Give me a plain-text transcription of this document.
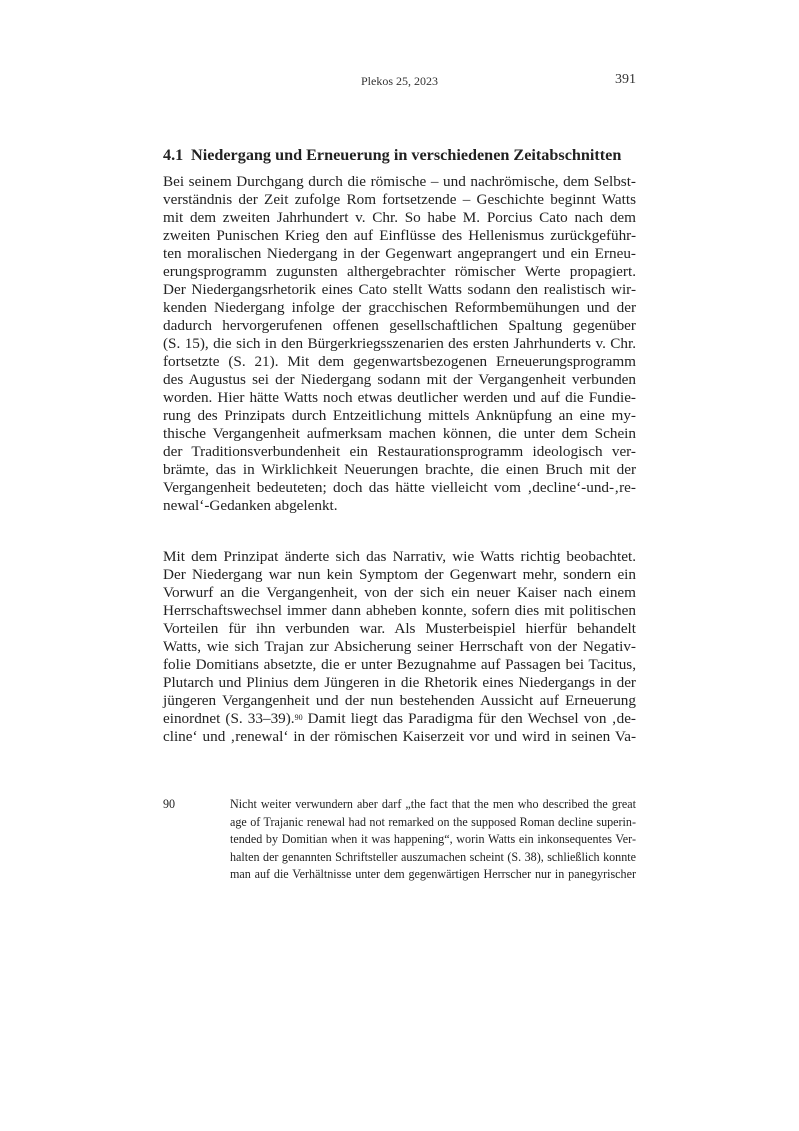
Plekos 25, 2023	391
4.1 Niedergang und Erneuerung in verschiedenen Zeitabschnitten
Bei seinem Durchgang durch die römische – und nachrömische, dem Selbst-
verständnis der Zeit zufolge Rom fortsetzende – Geschichte beginnt Watts
mit dem zweiten Jahrhundert v. Chr. So habe M. Porcius Cato nach dem
zweiten Punischen Krieg den auf Einflüsse des Hellenismus zurückgeführ-
ten moralischen Niedergang in der Gegenwart angeprangert und ein Erneu-
erungsprogramm zugunsten althergebrachter römischer Werte propagiert.
Der Niedergangsrhetorik eines Cato stellt Watts sodann den realistisch wir-
kenden Niedergang infolge der gracchischen Reformbemühungen und der
dadurch hervorgerufenen offenen gesellschaftlichen Spaltung gegenüber
(S. 15), die sich in den Bürgerkriegsszenarien des ersten Jahrhunderts v. Chr.
fortsetzte (S. 21). Mit dem gegenwartsbezogenen Erneuerungsprogramm
des Augustus sei der Niedergang sodann mit der Vergangenheit verbunden
worden. Hier hätte Watts noch etwas deutlicher werden und auf die Fundie-
rung des Prinzipats durch Entzeitlichung mittels Anknüpfung an eine my-
thische Vergangenheit aufmerksam machen können, die unter dem Schein
der Traditionsverbundenheit ein Restaurationsprogramm ideologisch ver-
brämte, das in Wirklichkeit Neuerungen brachte, die einen Bruch mit der
Vergangenheit bedeuteten; doch das hätte vielleicht vom ‚decline‘-und-‚re-
newal‘-Gedanken abgelenkt.
Mit dem Prinzipat änderte sich das Narrativ, wie Watts richtig beobachtet.
Der Niedergang war nun kein Symptom der Gegenwart mehr, sondern ein
Vorwurf an die Vergangenheit, von der sich ein neuer Kaiser nach einem
Herrschaftswechsel immer dann abheben konnte, sofern dies mit politischen
Vorteilen für ihn verbunden war. Als Musterbeispiel hierfür behandelt
Watts, wie sich Trajan zur Absicherung seiner Herrschaft von der Negativ-
folie Domitians absetzte, die er unter Bezugnahme auf Passagen bei Tacitus,
Plutarch und Plinius dem Jüngeren in die Rhetorik eines Niedergangs in der
jüngeren Vergangenheit und der nun bestehenden Aussicht auf Erneuerung
einordnet (S. 33–39).$^{90}$ Damit liegt das Paradigma für den Wechsel von ‚de-
cline‘ und ‚renewal‘ in der römischen Kaiserzeit vor und wird in seinen Va-
90	Nicht weiter verwundern aber darf „the fact that the men who described the great
age of Trajanic renewal had not remarked on the supposed Roman decline superin-
tended by Domitian when it was happening“, worin Watts ein inkonsequentes Ver-
halten der genannten Schriftsteller auszumachen scheint (S. 38), schließlich konnte
man auf die Verhältnisse unter dem gegenwärtigen Herrscher nur in panegyrischer
